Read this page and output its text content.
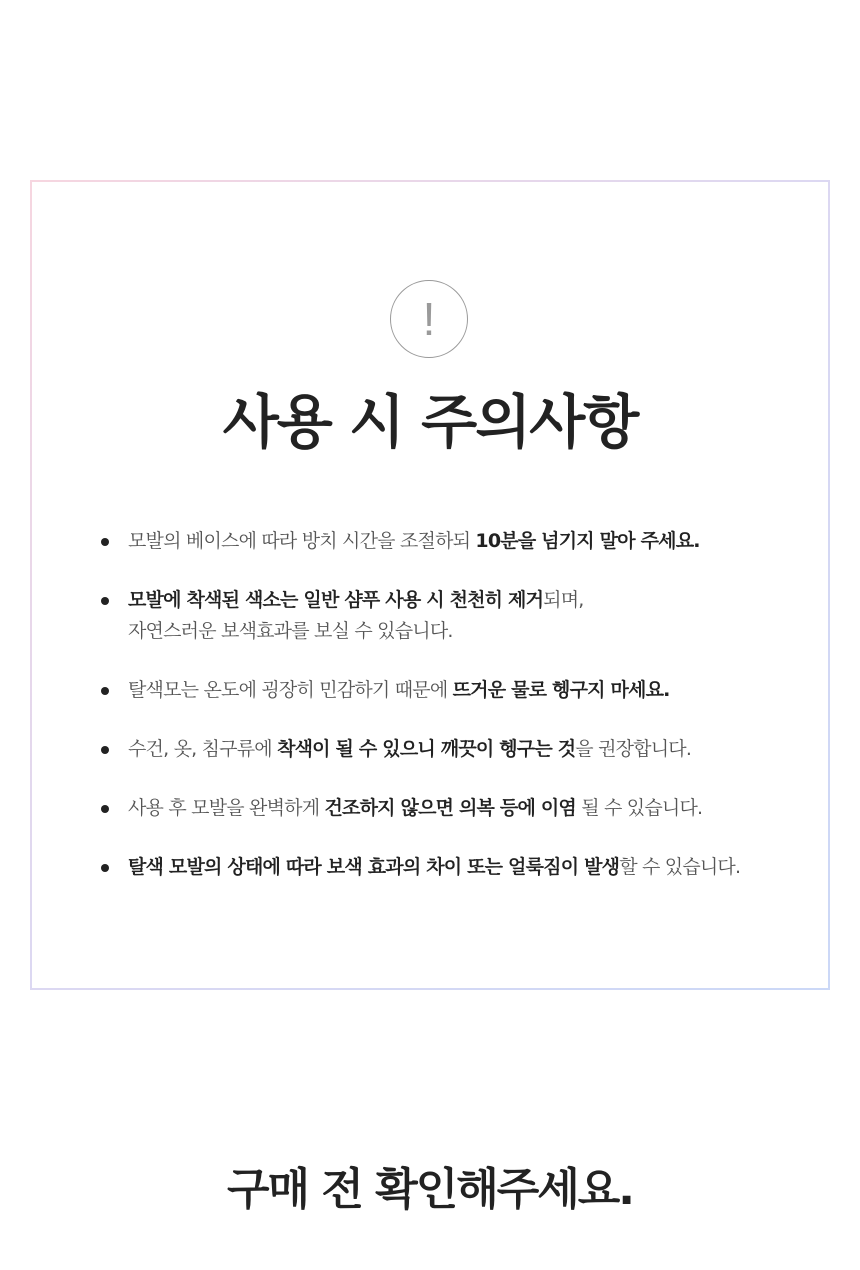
!
사용 시 주의사항
모발의 베이스에 따라 방치 시간을 조절하되 10분을 넘기지 말아 주세요.
모발에 착색된 색소는 일반 샴푸 사용 시 천천히 제거되며,
자연스러운 보색효과를 보실 수 있습니다.
탈색모는 온도에 굉장히 민감하기 때문에 뜨거운 물로 헹구지 마세요.
수건, 옷, 침구류에 착색이 될 수 있으니 깨끗이 헹구는 것을 권장합니다.
사용 후 모발을 완벽하게 건조하지 않으면 의복 등에 이염 될 수 있습니다.
탈색 모발의 상태에 따라 보색 효과의 차이 또는 얼룩짐이 발생할 수 있습니다.
구매 전 확인해주세요.
